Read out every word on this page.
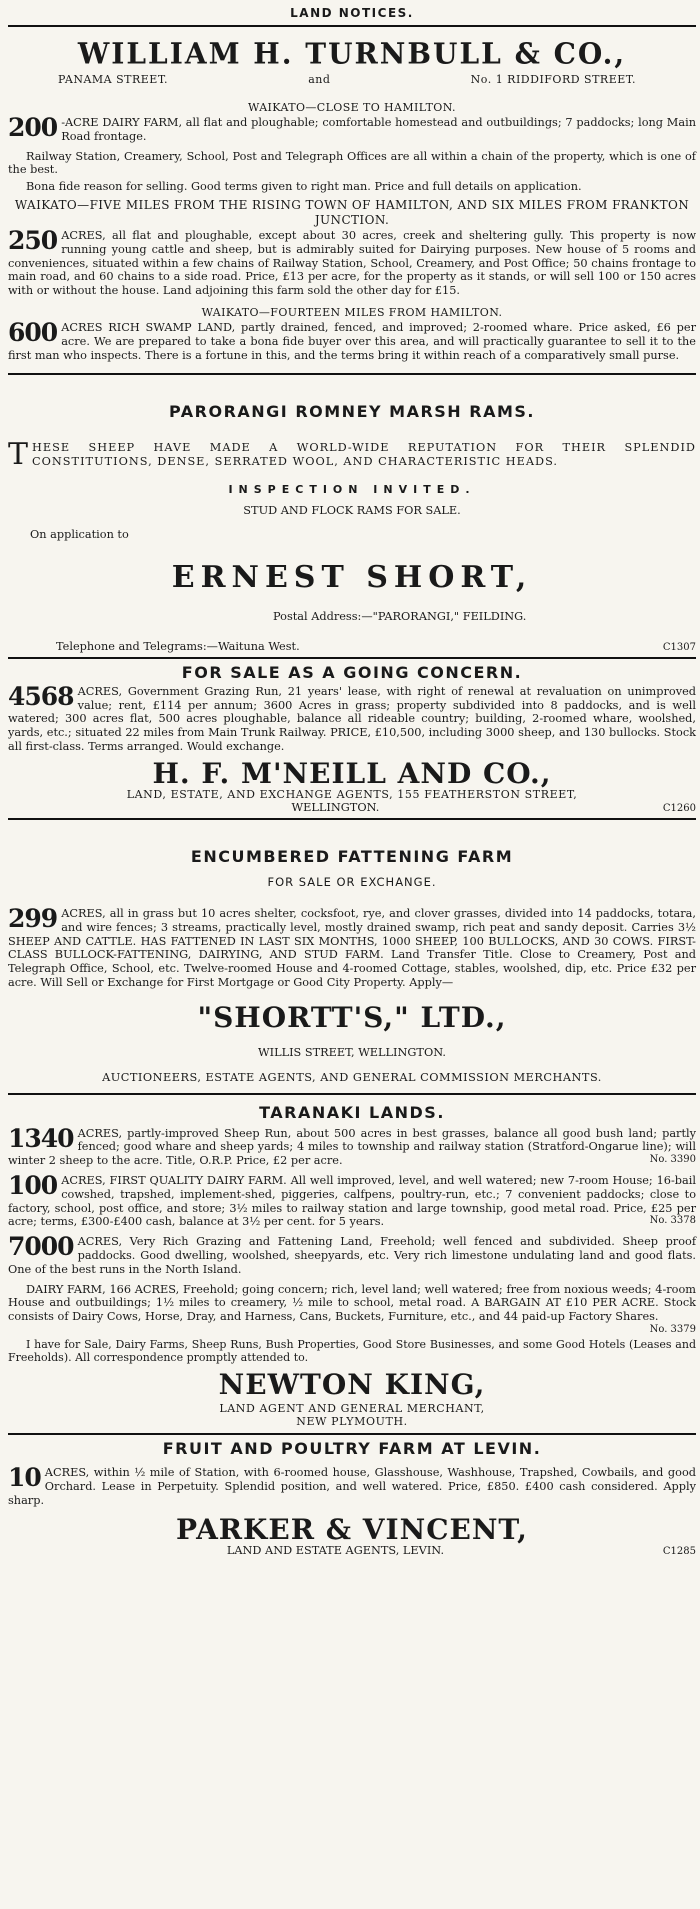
LAND NOTICES.
WILLIAM H. TURNBULL & CO.,
PANAMA STREET.	and	No. 1 RIDDIFORD STREET.
WAIKATO—CLOSE TO HAMILTON.

200 -ACRE DAIRY FARM, all flat and ploughable; comfortable homestead and outbuildings; 7 paddocks; long Main Road frontage.

Railway Station, Creamery, School, Post and Telegraph Offices are all within a chain of the property, which is one of the best.

Bona fide reason for selling. Good terms given to right man. Price and full details on application.

WAIKATO—FIVE MILES FROM THE RISING TOWN OF HAMILTON, AND SIX MILES FROM FRANKTON JUNCTION.

250 ACRES, all flat and ploughable, except about 30 acres, creek and sheltering gully. This property is now running young cattle and sheep, but is admirably suited for Dairying purposes. New house of 5 rooms and conveniences, situated within a few chains of Railway Station, School, Creamery, and Post Office; 50 chains frontage to main road, and 60 chains to a side road. Price, £13 per acre, for the property as it stands, or will sell 100 or 150 acres with or without the house. Land adjoining this farm sold the other day for £15.

WAIKATO—FOURTEEN MILES FROM HAMILTON.

600 ACRES RICH SWAMP LAND, partly drained, fenced, and improved; 2-roomed whare. Price asked, £6 per acre. We are prepared to take a bona fide buyer over this area, and will practically guarantee to sell it to the first man who inspects. There is a fortune in this, and the terms bring it within reach of a comparatively small purse.

PARORANGI ROMNEY MARSH RAMS.

T HESE SHEEP HAVE MADE A WORLD-WIDE REPUTATION FOR THEIR SPLENDID CONSTITUTIONS, DENSE, SERRATED WOOL, AND CHARACTERISTIC HEADS.

INSPECTION INVITED.
STUD AND FLOCK RAMS FOR SALE.
On application to
ERNEST SHORT,
Postal Address:—"PARORANGI," FEILDING.
Telephone and Telegrams:—Waituna West.	C1307
FOR SALE AS A GOING CONCERN.

4568 ACRES, Government Grazing Run, 21 years' lease, with right of renewal at revaluation on unimproved value; rent, £114 per annum; 3600 Acres in grass; property subdivided into 8 paddocks, and is well watered; 300 acres flat, 500 acres ploughable, balance all rideable country; building, 2-roomed whare, woolshed, yards, etc.; situated 22 miles from Main Trunk Railway. PRICE, £10,500, including 3000 sheep, and 130 bullocks. Stock all first-class. Terms arranged. Would exchange.

H. F. M'NEILL AND CO.,
LAND, ESTATE, AND EXCHANGE AGENTS, 155 FEATHERSTON STREET,
WELLINGTON.	C1260
ENCUMBERED FATTENING FARM
FOR SALE OR EXCHANGE.

299 ACRES, all in grass but 10 acres shelter, cocksfoot, rye, and clover grasses, divided into 14 paddocks, totara, and wire fences; 3 streams, practically level, mostly drained swamp, rich peat and sandy deposit. Carries 3½ SHEEP AND CATTLE. HAS FATTENED IN LAST SIX MONTHS, 1000 SHEEP, 100 BULLOCKS, AND 30 COWS. FIRST-CLASS BULLOCK-FATTENING, DAIRYING, AND STUD FARM. Land Transfer Title. Close to Creamery, Post and Telegraph Office, School, etc. Twelve-roomed House and 4-roomed Cottage, stables, woolshed, dip, etc. Price £32 per acre. Will Sell or Exchange for First Mortgage or Good City Property. Apply—

"SHORTT'S," LTD.,
WILLIS STREET, WELLINGTON.
AUCTIONEERS, ESTATE AGENTS, AND GENERAL COMMISSION MERCHANTS.
TARANAKI LANDS.

1340 ACRES, partly-improved Sheep Run, about 500 acres in best grasses, balance all good bush land; partly fenced; good whare and sheep yards; 4 miles to township and railway station (Stratford-Ongarue line); will winter 2 sheep to the acre. Title, O.R.P. Price, £2 per acre.	No. 3390

100 ACRES, FIRST QUALITY DAIRY FARM. All well improved, level, and well watered; new 7-room House; 16-bail cowshed, trapshed, implement-shed, piggeries, calfpens, poultry-run, etc.; 7 convenient paddocks; close to factory, school, post office, and store; 3½ miles to railway station and large township, good metal road. Price, £25 per acre; terms, £300-£400 cash, balance at 3½ per cent. for 5 years.	No. 3378

7000 ACRES, Very Rich Grazing and Fattening Land, Freehold; well fenced and subdivided. Sheep proof paddocks. Good dwelling, woolshed, sheepyards, etc. Very rich limestone undulating land and good flats. One of the best runs in the North Island.

DAIRY FARM, 166 ACRES, Freehold; going concern; rich, level land; well watered; free from noxious weeds; 4-room House and outbuildings; 1½ miles to creamery, ½ mile to school, metal road. A BARGAIN AT £10 PER ACRE. Stock consists of Dairy Cows, Horse, Dray, and Harness, Cans, Buckets, Furniture, etc., and 44 paid-up Factory Shares.
No. 3379

I have for Sale, Dairy Farms, Sheep Runs, Bush Properties, Good Store Businesses, and some Good Hotels (Leases and Freeholds). All correspondence promptly attended to.

NEWTON KING,
LAND AGENT AND GENERAL MERCHANT,
NEW PLYMOUTH.
FRUIT AND POULTRY FARM AT LEVIN.

10 ACRES, within ½ mile of Station, with 6-roomed house, Glasshouse, Washhouse, Trapshed, Cowbails, and good Orchard. Lease in Perpetuity. Splendid position, and well watered. Price, £850. £400 cash considered. Apply sharp.

PARKER & VINCENT,
LAND AND ESTATE AGENTS, LEVIN.	C1285
